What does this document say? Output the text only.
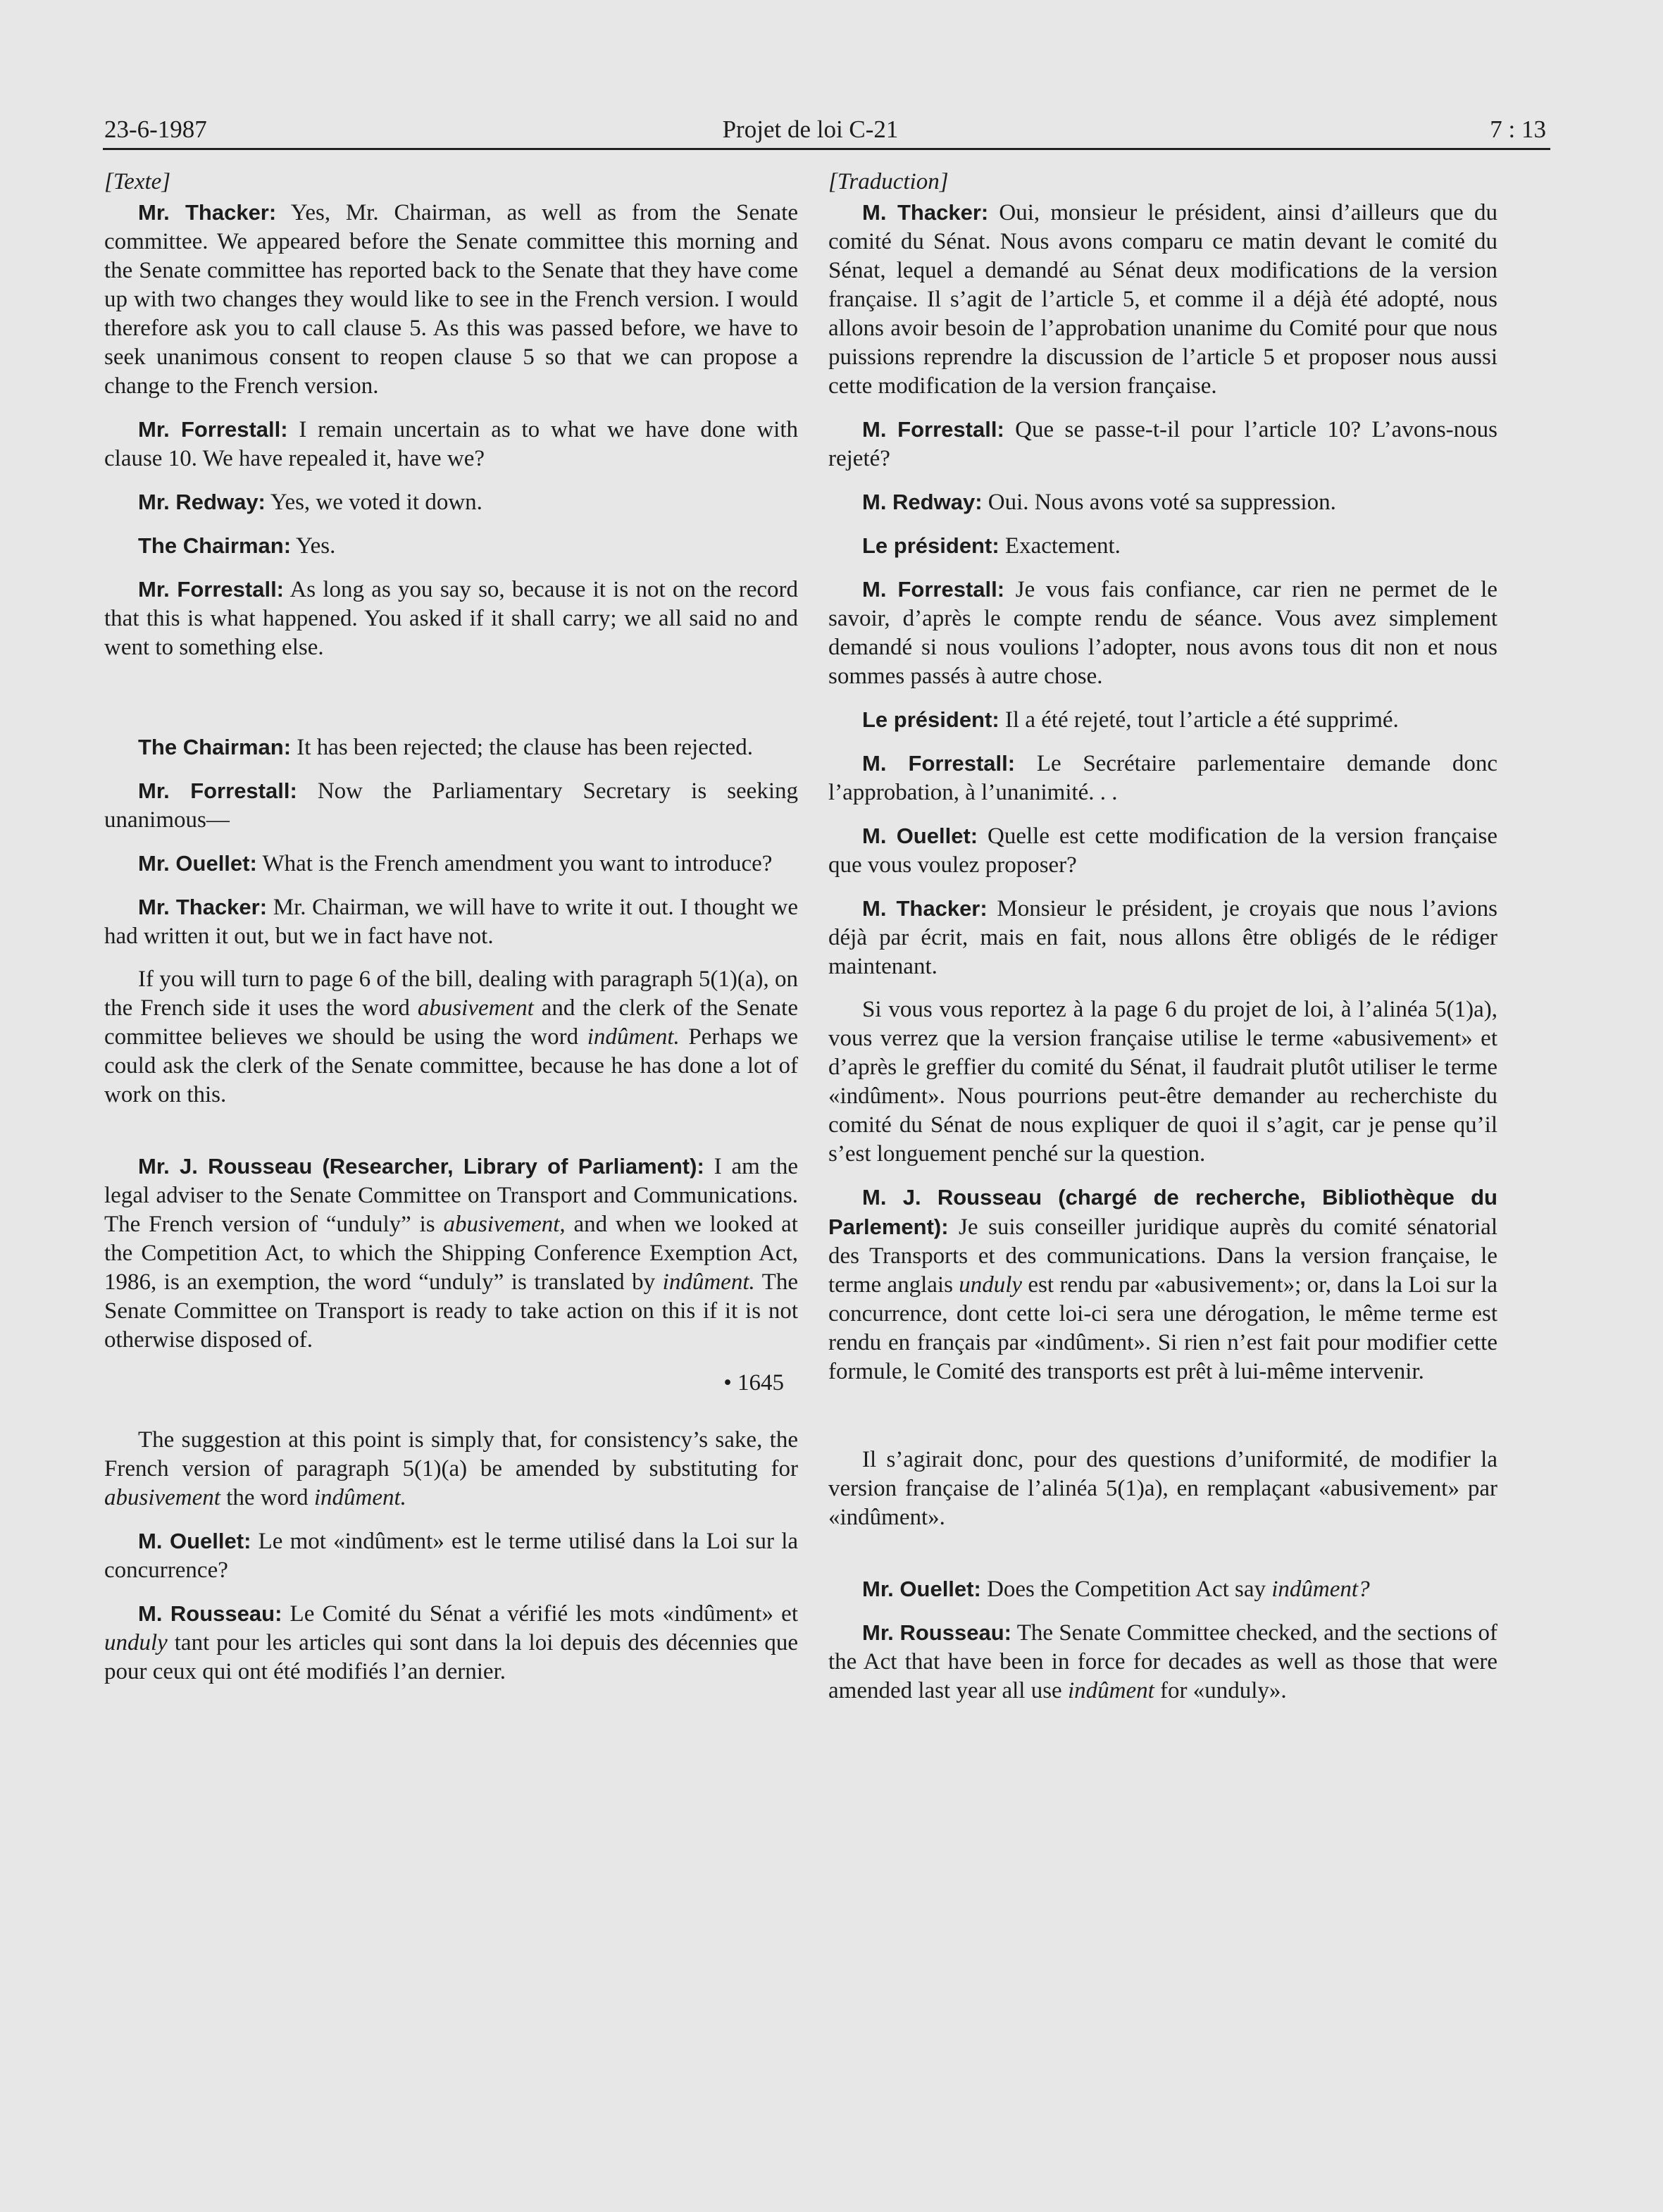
23-6-1987	Projet de loi C-21	7 : 13
[Texte]

Mr. Thacker: Yes, Mr. Chairman, as well as from the Senate committee. We appeared before the Senate committee this morning and the Senate committee has reported back to the Senate that they have come up with two changes they would like to see in the French version. I would therefore ask you to call clause 5. As this was passed before, we have to seek unanimous consent to reopen clause 5 so that we can propose a change to the French version.

Mr. Forrestall: I remain uncertain as to what we have done with clause 10. We have repealed it, have we?

Mr. Redway: Yes, we voted it down.

The Chairman: Yes.

Mr. Forrestall: As long as you say so, because it is not on the record that this is what happened. You asked if it shall carry; we all said no and went to something else.

The Chairman: It has been rejected; the clause has been rejected.

Mr. Forrestall: Now the Parliamentary Secretary is seeking unanimous—

Mr. Ouellet: What is the French amendment you want to introduce?

Mr. Thacker: Mr. Chairman, we will have to write it out. I thought we had written it out, but we in fact have not.

If you will turn to page 6 of the bill, dealing with paragraph 5(1)(a), on the French side it uses the word abusivement and the clerk of the Senate committee believes we should be using the word indûment. Perhaps we could ask the clerk of the Senate committee, because he has done a lot of work on this.

Mr. J. Rousseau (Researcher, Library of Parliament): I am the legal adviser to the Senate Committee on Transport and Communications. The French version of “unduly” is abusivement, and when we looked at the Competition Act, to which the Shipping Conference Exemption Act, 1986, is an exemption, the word “unduly” is translated by indûment. The Senate Committee on Transport is ready to take action on this if it is not otherwise disposed of.

• 1645

The suggestion at this point is simply that, for consistency’s sake, the French version of paragraph 5(1)(a) be amended by substituting for abusivement the word indûment.

M. Ouellet: Le mot «indûment» est le terme utilisé dans la Loi sur la concurrence?

M. Rousseau: Le Comité du Sénat a vérifié les mots «indûment» et unduly tant pour les articles qui sont dans la loi depuis des décennies que pour ceux qui ont été modifiés l’an dernier.

[Traduction]

M. Thacker: Oui, monsieur le président, ainsi d’ailleurs que du comité du Sénat. Nous avons comparu ce matin devant le comité du Sénat, lequel a demandé au Sénat deux modifications de la version française. Il s’agit de l’article 5, et comme il a déjà été adopté, nous allons avoir besoin de l’approbation unanime du Comité pour que nous puissions reprendre la discussion de l’article 5 et proposer nous aussi cette modification de la version française.

M. Forrestall: Que se passe-t-il pour l’article 10? L’avons-nous rejeté?

M. Redway: Oui. Nous avons voté sa suppression.

Le président: Exactement.

M. Forrestall: Je vous fais confiance, car rien ne permet de le savoir, d’après le compte rendu de séance. Vous avez simplement demandé si nous voulions l’adopter, nous avons tous dit non et nous sommes passés à autre chose.

Le président: Il a été rejeté, tout l’article a été supprimé.

M. Forrestall: Le Secrétaire parlementaire demande donc l’approbation, à l’unanimité. . .

M. Ouellet: Quelle est cette modification de la version française que vous voulez proposer?

M. Thacker: Monsieur le président, je croyais que nous l’avions déjà par écrit, mais en fait, nous allons être obligés de le rédiger maintenant.

Si vous vous reportez à la page 6 du projet de loi, à l’alinéa 5(1)a), vous verrez que la version française utilise le terme «abusivement» et d’après le greffier du comité du Sénat, il faudrait plutôt utiliser le terme «indûment». Nous pourrions peut-être demander au recherchiste du comité du Sénat de nous expliquer de quoi il s’agit, car je pense qu’il s’est longuement penché sur la question.

M. J. Rousseau (chargé de recherche, Bibliothèque du Parlement): Je suis conseiller juridique auprès du comité sénatorial des Transports et des communications. Dans la version française, le terme anglais unduly est rendu par «abusivement»; or, dans la Loi sur la concurrence, dont cette loi-ci sera une dérogation, le même terme est rendu en français par «indûment». Si rien n’est fait pour modifier cette formule, le Comité des transports est prêt à lui-même intervenir.

Il s’agirait donc, pour des questions d’uniformité, de modifier la version française de l’alinéa 5(1)a), en remplaçant «abusivement» par «indûment».

Mr. Ouellet: Does the Competition Act say indûment?

Mr. Rousseau: The Senate Committee checked, and the sections of the Act that have been in force for decades as well as those that were amended last year all use indûment for «unduly».
